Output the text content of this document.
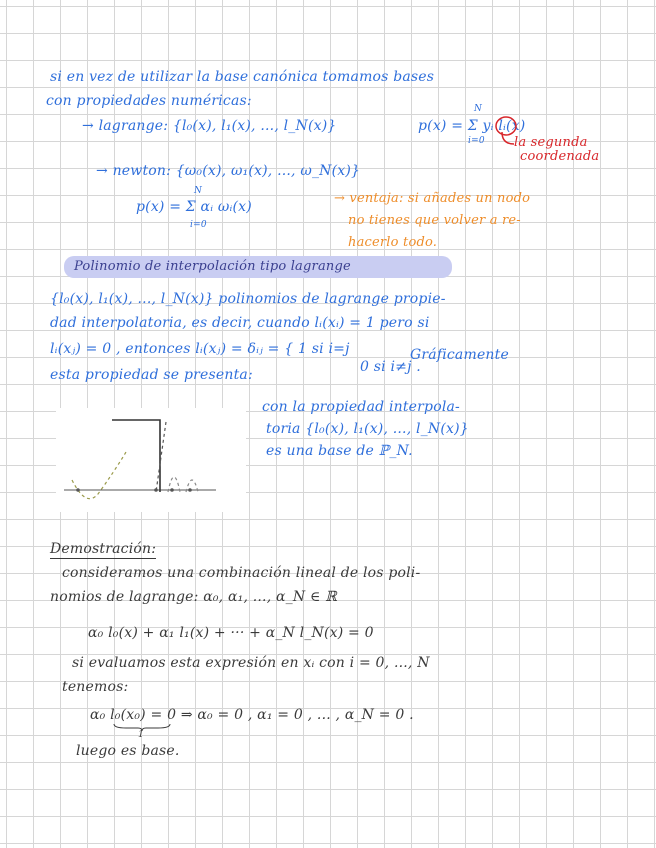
si en vez de utilizar la base canónica tomamos bases
con propiedades numéricas:
→ lagrange: {l₀(x), l₁(x), ..., l_N(x)}	p(x) = Σ yᵢ lᵢ(x)
N
i=0 la segunda
coordenada
→ newton: {ω₀(x), ω₁(x), ..., ω_N(x)}
p(x) = Σ αᵢ ωᵢ(x)
N
i=0
→ ventaja: si añades un nodo
no tienes que volver a re-
hacerlo todo.
Polinomio de interpolación tipo lagrange
{l₀(x), l₁(x), ..., l_N(x)} polinomios de lagrange propie-
dad interpolatoria, es decir, cuando lᵢ(xᵢ) = 1 pero si
lᵢ(xⱼ) = 0 , entonces lᵢ(xⱼ) = δᵢⱼ = { 1 si i=j
0 si i≠j .
Gráficamente
esta propiedad se presenta:
con la propiedad interpola-
toria {l₀(x), l₁(x), ..., l_N(x)}
es una base de ℙ_N.
Demostración:
consideramos una combinación lineal de los poli-
nomios de lagrange: α₀, α₁, ..., α_N ∈ ℝ
α₀ l₀(x) + α₁ l₁(x) + ··· + α_N l_N(x) = 0
si evaluamos esta expresión en xᵢ con i = 0, ..., N
tenemos:
α₀ l₀(x₀) = 0 ⇒ α₀ = 0 , α₁ = 0 , ... , α_N = 0 .
1
luego es base.
